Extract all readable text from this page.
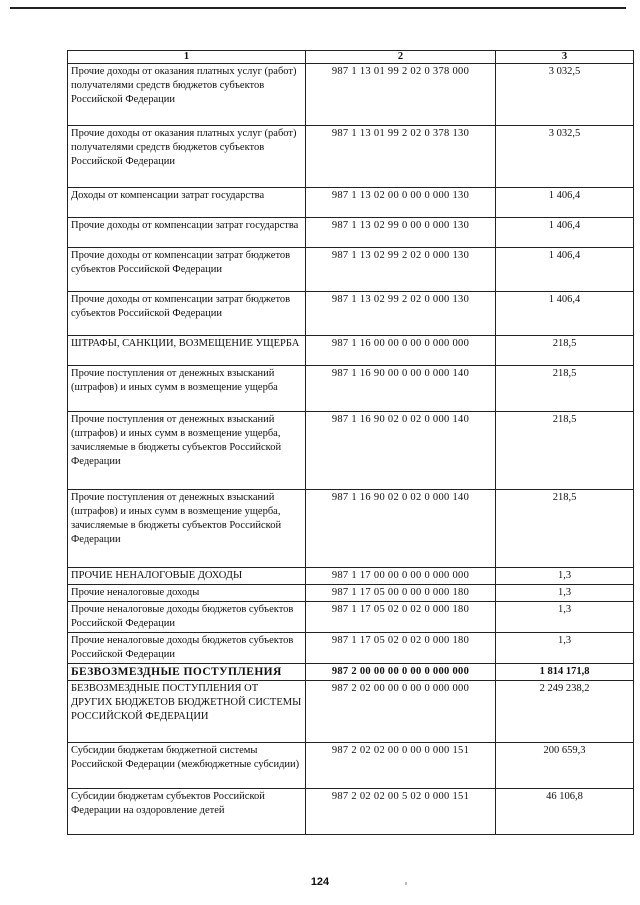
1	2	3
Прочие доходы от оказания платных услуг (работ) получателями средств бюджетов субъектов Российской Федерации	987 1 13 01 99 2 02 0 378 000	3 032,5
Прочие доходы от оказания платных услуг (работ) получателями средств бюджетов субъектов Российской Федерации	987 1 13 01 99 2 02 0 378 130	3 032,5
Доходы от компенсации затрат государства	987 1 13 02 00 0 00 0 000 130	1 406,4
Прочие доходы от компенсации затрат государства	987 1 13 02 99 0 00 0 000 130	1 406,4
Прочие доходы от компенсации затрат бюджетов субъектов Российской Федерации	987 1 13 02 99 2 02 0 000 130	1 406,4
Прочие доходы от компенсации затрат бюджетов субъектов Российской Федерации	987 1 13 02 99 2 02 0 000 130	1 406,4
ШТРАФЫ, САНКЦИИ, ВОЗМЕЩЕНИЕ УЩЕРБА	987 1 16 00 00 0 00 0 000 000	218,5
Прочие поступления от денежных взысканий (штрафов) и иных сумм в возмещение ущерба	987 1 16 90 00 0 00 0 000 140	218,5
Прочие поступления от денежных взысканий (штрафов) и иных сумм в возмещение ущерба, зачисляемые в бюджеты субъектов Российской Федерации	987 1 16 90 02 0 02 0 000 140	218,5
Прочие поступления от денежных взысканий (штрафов) и иных сумм в возмещение ущерба, зачисляемые в бюджеты субъектов Российской Федерации	987 1 16 90 02 0 02 0 000 140	218,5
ПРОЧИЕ НЕНАЛОГОВЫЕ ДОХОДЫ	987 1 17 00 00 0 00 0 000 000	1,3
Прочие неналоговые доходы	987 1 17 05 00 0 00 0 000 180	1,3
Прочие неналоговые доходы бюджетов субъектов Российской Федерации	987 1 17 05 02 0 02 0 000 180	1,3
Прочие неналоговые доходы бюджетов субъектов Российской Федерации	987 1 17 05 02 0 02 0 000 180	1,3
БЕЗВОЗМЕЗДНЫЕ ПОСТУПЛЕНИЯ	987 2 00 00 00 0 00 0 000 000	1 814 171,8
БЕЗВОЗМЕЗДНЫЕ ПОСТУПЛЕНИЯ ОТ ДРУГИХ БЮДЖЕТОВ БЮДЖЕТНОЙ СИСТЕМЫ РОССИЙСКОЙ ФЕДЕРАЦИИ	987 2 02 00 00 0 00 0 000 000	2 249 238,2
Субсидии бюджетам бюджетной системы Российской Федерации (межбюджетные субсидии)	987 2 02 02 00 0 00 0 000 151	200 659,3
Субсидии бюджетам субъектов Российской Федерации на оздоровление детей	987 2 02 02 00 5 02 0 000 151	46 106,8
124
